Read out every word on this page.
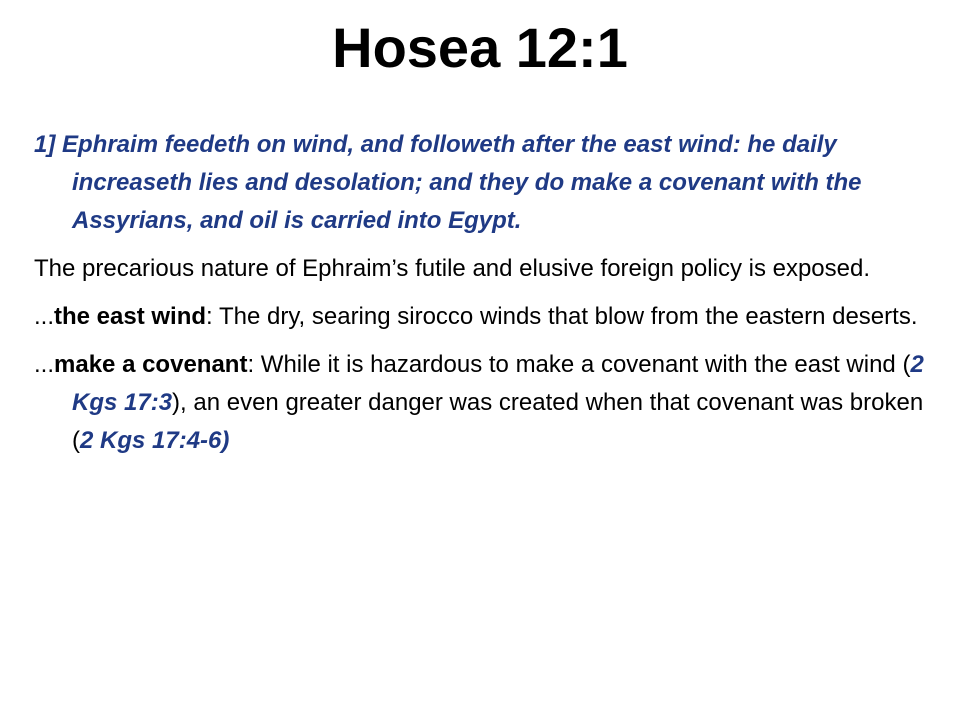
Hosea 12:1

1] Ephraim feedeth on wind, and followeth after the east wind: he daily increaseth lies and desolation; and they do make a covenant with the Assyrians, and oil is carried into Egypt.

The precarious nature of Ephraim’s futile and elusive foreign policy is exposed.

...the east wind: The dry, searing sirocco winds that blow from the eastern deserts.

...make a covenant: While it is hazardous to make a covenant with the east wind (2 Kgs 17:3), an even greater danger was created when that covenant was broken (2 Kgs 17:4-6)
